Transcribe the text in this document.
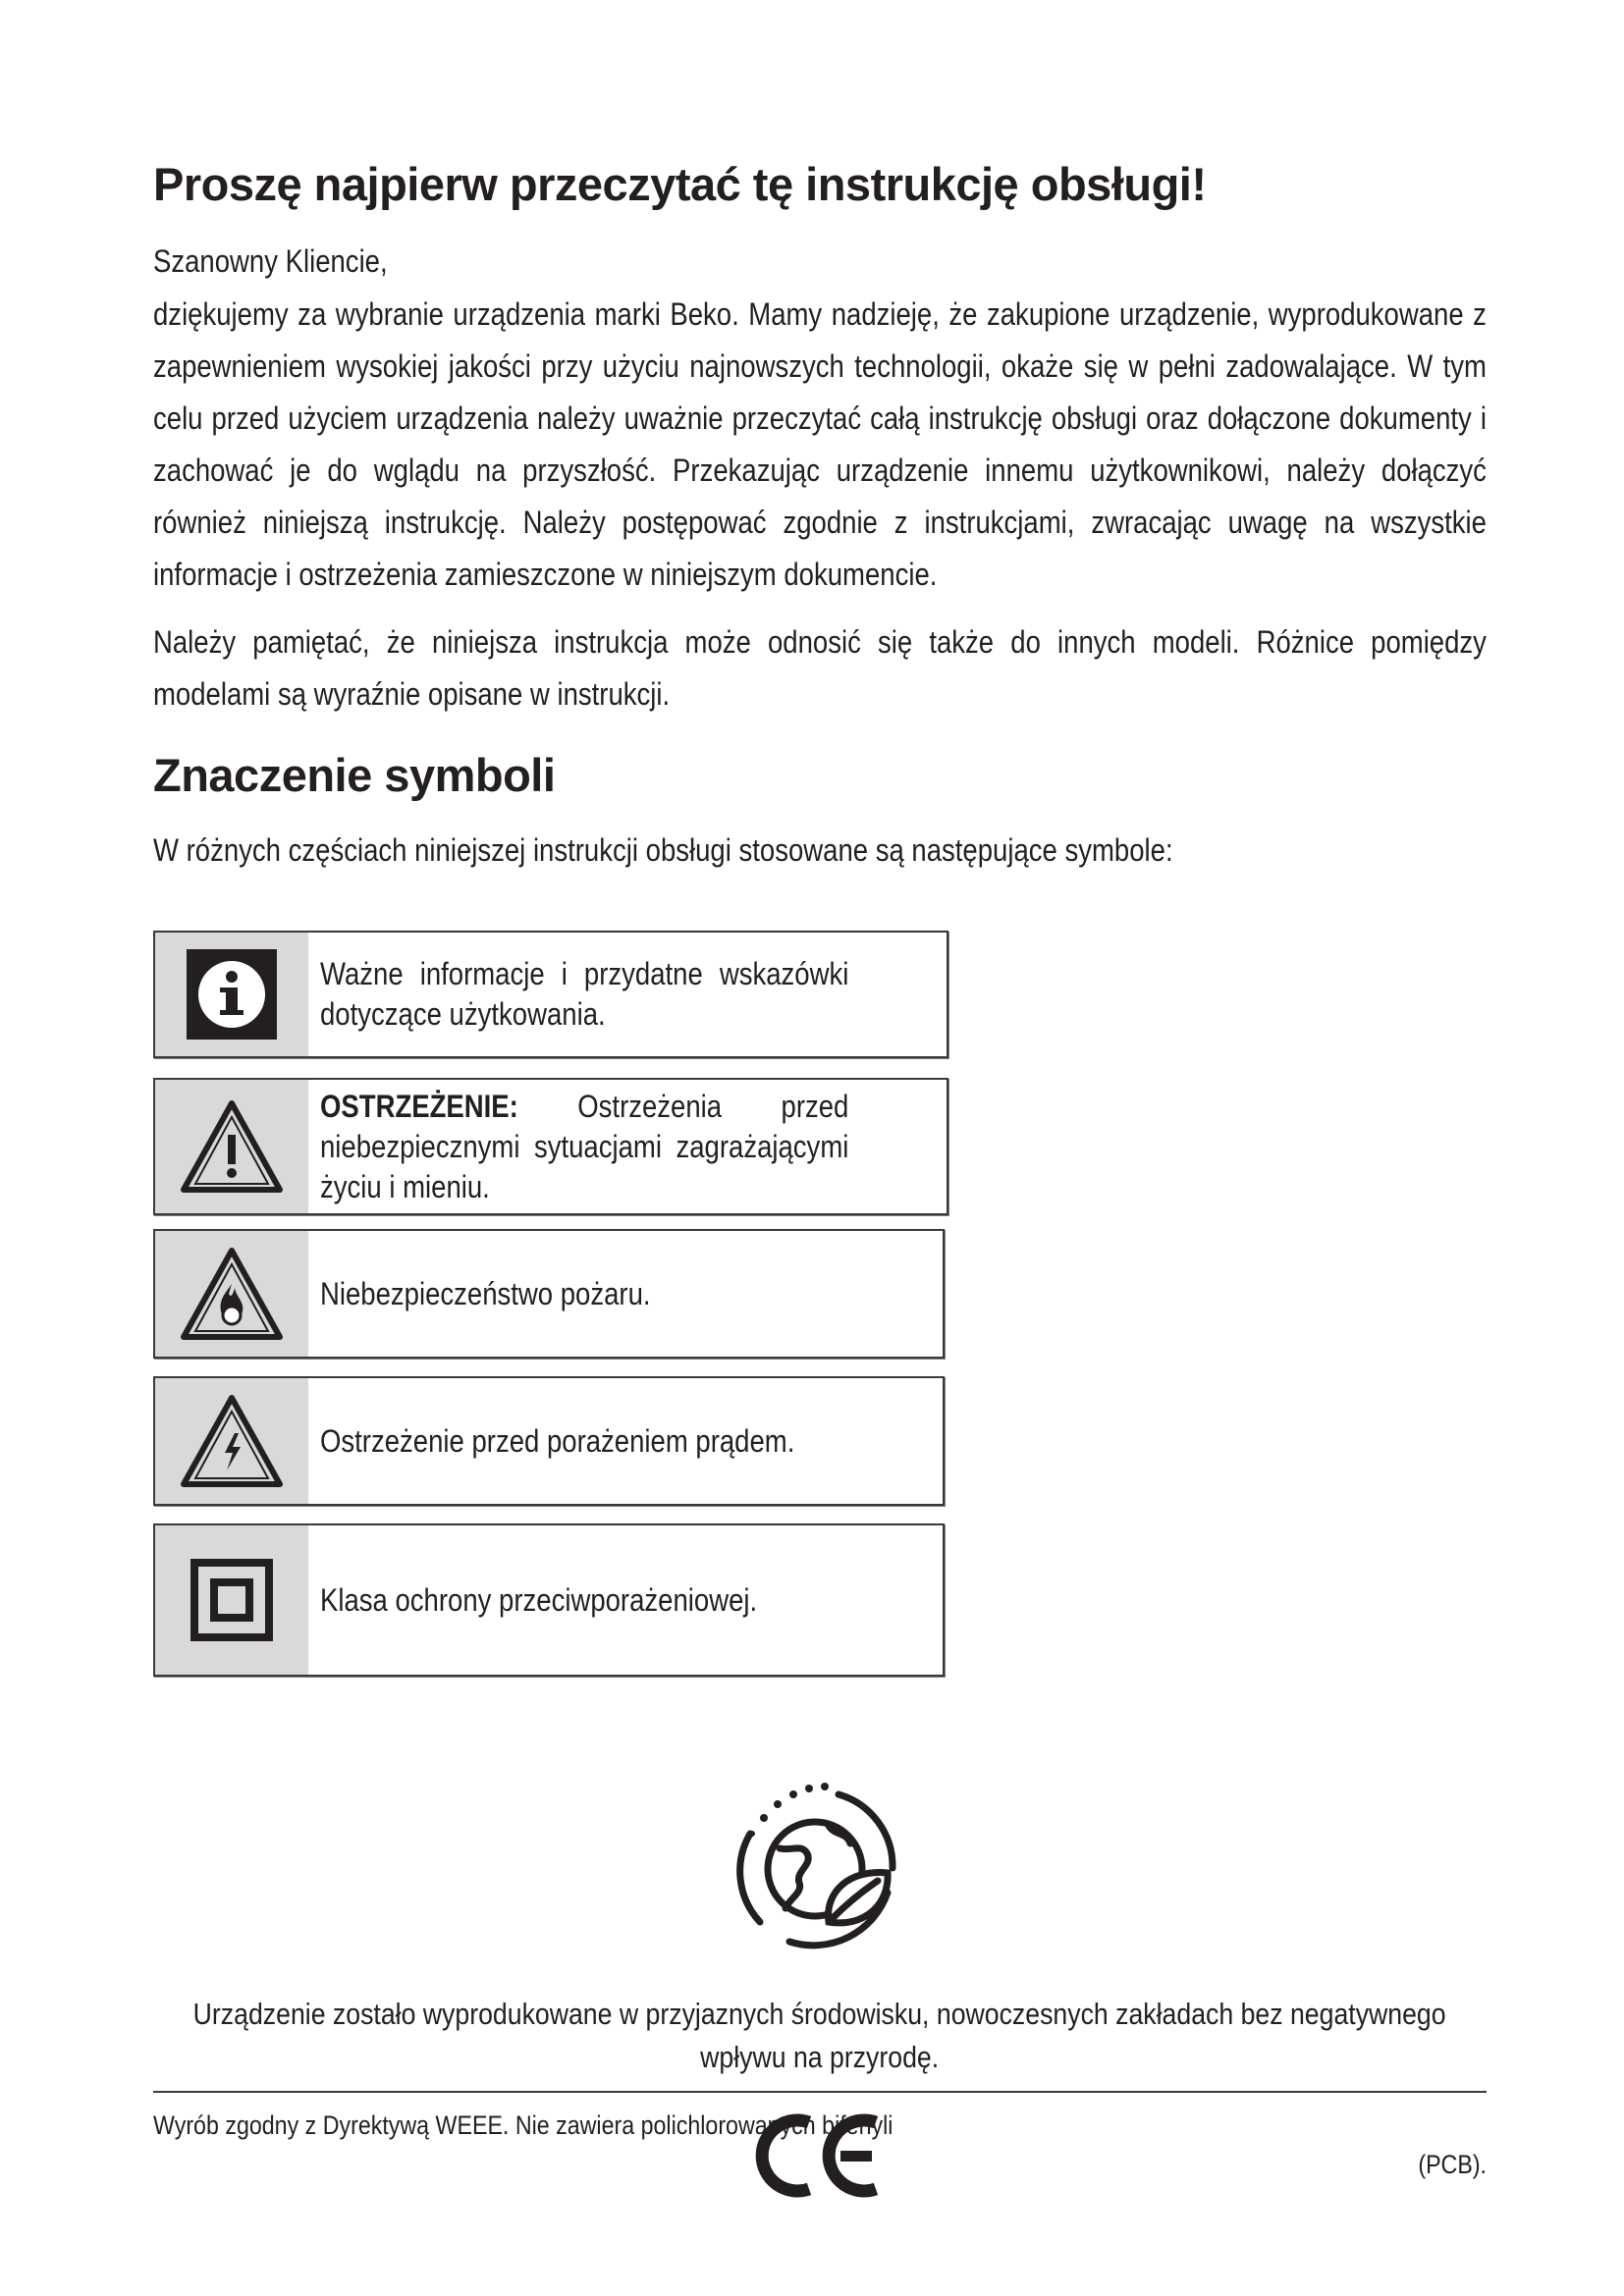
Proszę najpierw przeczytać tę instrukcję obsługi!

Szanowny Kliencie,

dziękujemy za wybranie urządzenia marki Beko. Mamy nadzieję, że zakupione urządzenie, wyprodukowane z zapewnieniem wysokiej jakości przy użyciu najnowszych technologii, okaże się w pełni zadowalające. W tym celu przed użyciem urządzenia należy uważnie przeczytać całą instrukcję obsługi oraz dołączone dokumenty i zachować je do wglądu na przyszłość. Przekazując urządzenie innemu użytkownikowi, należy dołączyć również niniejszą instrukcję. Należy postępować zgodnie z instrukcjami, zwracając uwagę na wszystkie informacje i ostrzeżenia zamieszczone w niniejszym dokumencie.

Należy pamiętać, że niniejsza instrukcja może odnosić się także do innych modeli. Różnice pomiędzy modelami są wyraźnie opisane w instrukcji.

Znaczenie symboli

W różnych częściach niniejszej instrukcji obsługi stosowane są następujące symbole:

Ważne informacje i przydatne wskazówki dotyczące użytkowania.
OSTRZEŻENIE: Ostrzeżenia przed niebezpiecznymi sytuacjami zagrażającymi życiu i mieniu.
Niebezpieczeństwo pożaru.
Ostrzeżenie przed porażeniem prądem.
Klasa ochrony przeciwporażeniowej.

Urządzenie zostało wyprodukowane w przyjaznych środowisku, nowoczesnych zakładach bez negatywnego wpływu na przyrodę.

Wyrób zgodny z Dyrektywą WEEE. Nie zawiera polichlorowanych bifenyli

(PCB).
